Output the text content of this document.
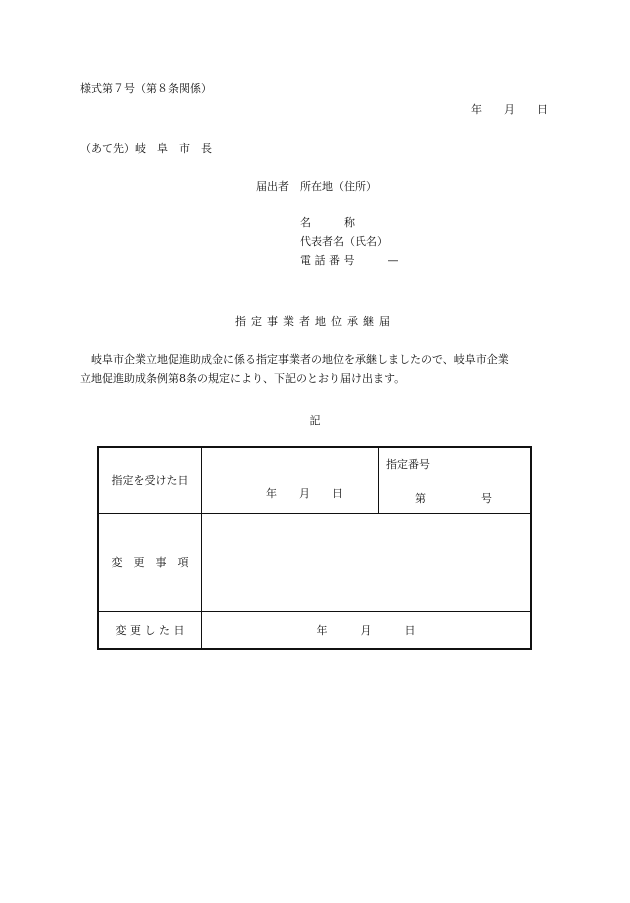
様式第７号（第８条関係）
年　　月　　日
（あて先）岐　阜　市　長
届出者　所在地（住所）
名　　　称
代表者名（氏名）
電 話 番 号　　　—
指定事業者地位承継届
岐阜市企業立地促進助成金に係る指定事業者の地位を承継しましたので、岐阜市企業
立地促進助成条例第8条の規定により、下記のとおり届け出ます。
記
指定を受けた日	年　　月　　日	指定番号
第　　　　　号

変　更　事　項		
変 更 し た 日	年　　　月　　　日	
